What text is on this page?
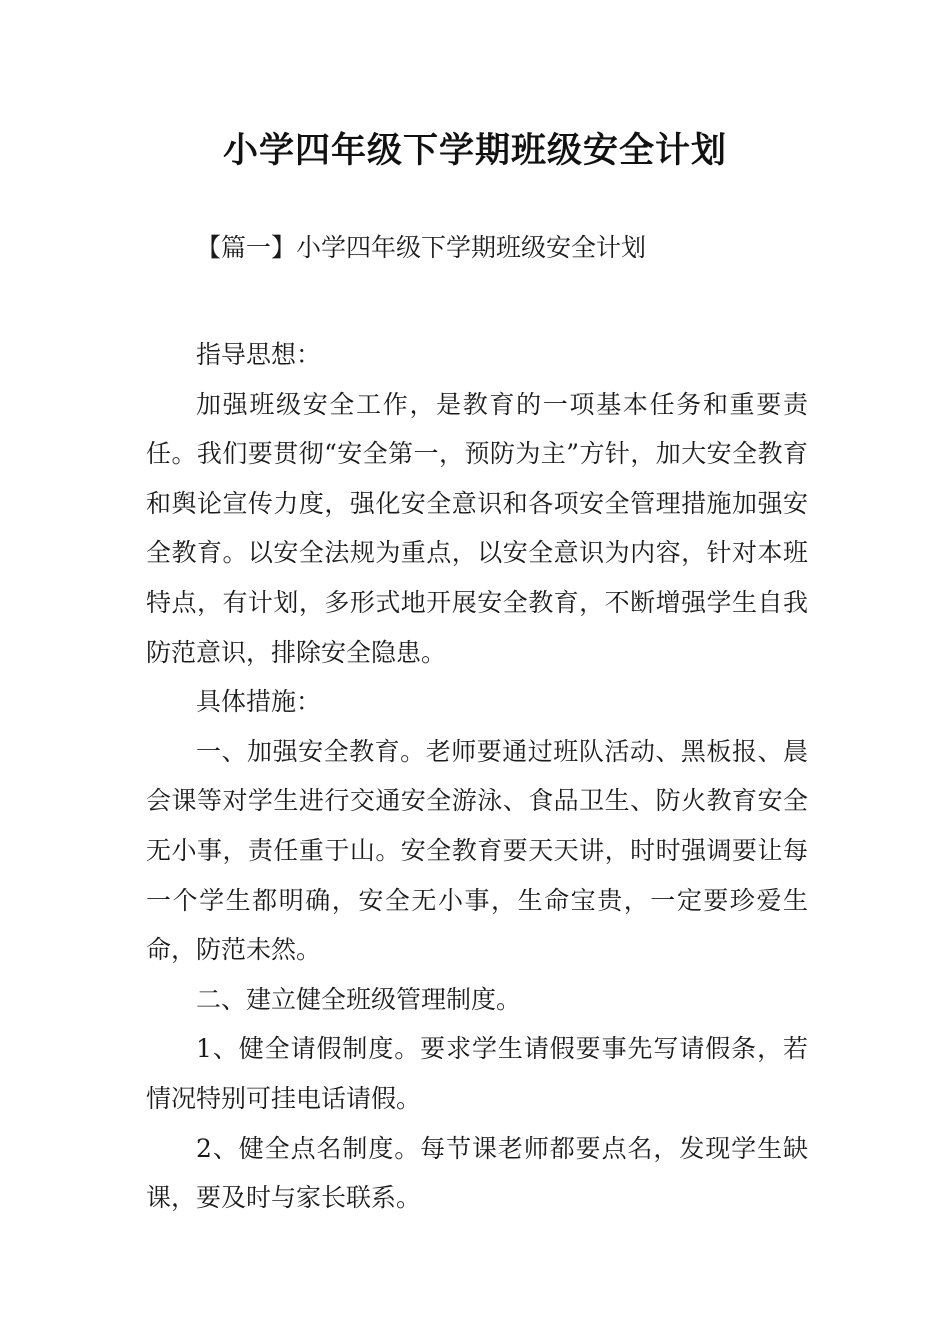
小学四年级下学期班级安全计划

【篇一】小学四年级下学期班级安全计划

指导思想：

加强班级安全工作，是教育的一项基本任务和重要责任。我们要贯彻“安全第一，预防为主”方针，加大安全教育和舆论宣传力度，强化安全意识和各项安全管理措施加强安全教育。以安全法规为重点，以安全意识为内容，针对本班特点，有计划，多形式地开展安全教育，不断增强学生自我防范意识，排除安全隐患。

具体措施：

一、加强安全教育。老师要通过班队活动、黑板报、晨会课等对学生进行交通安全游泳、食品卫生、防火教育安全无小事，责任重于山。安全教育要天天讲，时时强调要让每一个学生都明确，安全无小事，生命宝贵，一定要珍爱生命，防范未然。

二、建立健全班级管理制度。

1、健全请假制度。要求学生请假要事先写请假条，若情况特别可挂电话请假。

2、健全点名制度。每节课老师都要点名，发现学生缺课，要及时与家长联系。
